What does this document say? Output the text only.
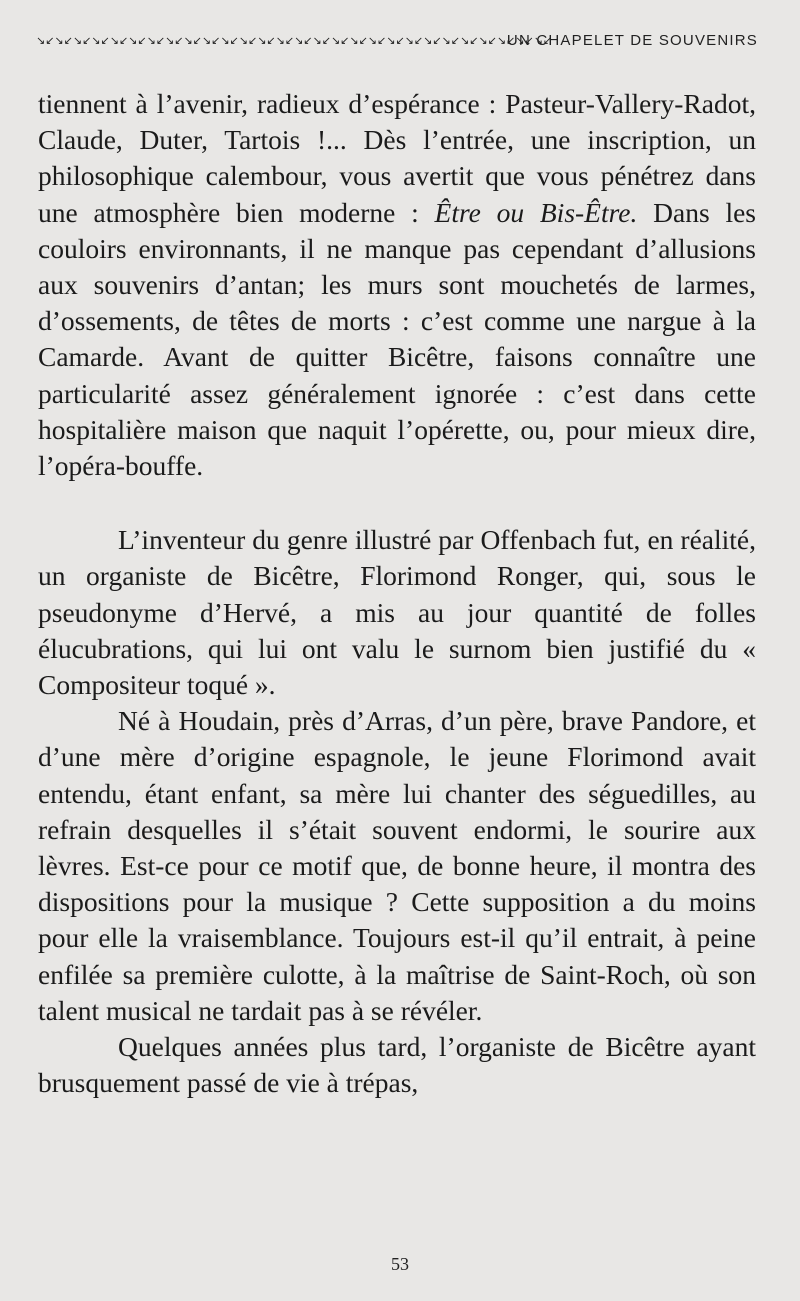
↘↙↘↙↘↙↘↙↘↙↘↙↘↙↘↙↘↙↘↙↘↙↘↙↘↙↘↙↘↙↘↙↘↙↘↙↘↙↘↙↘↙↘↙↘↙↘↙↘↙↘↙↘↙↘↙
UN CHAPELET DE SOUVENIRS

tiennent à l’avenir, radieux d’espérance : Pasteur-Vallery-Radot, Claude, Duter, Tartois !... Dès l’entrée, une inscription, un philosophique calembour, vous avertit que vous pénétrez dans une atmosphère bien moderne : Être ou Bis-Être. Dans les couloirs environnants, il ne manque pas cependant d’allusions aux souvenirs d’antan; les murs sont mouchetés de larmes, d’ossements, de têtes de morts : c’est comme une nargue à la Camarde. Avant de quitter Bicêtre, faisons connaître une particularité assez généralement ignorée : c’est dans cette hospitalière maison que naquit l’opérette, ou, pour mieux dire, l’opéra-bouffe.

L’inventeur du genre illustré par Offenbach fut, en réalité, un organiste de Bicêtre, Florimond Ronger, qui, sous le pseudonyme d’Hervé, a mis au jour quantité de folles élucubrations, qui lui ont valu le surnom bien justifié du « Compositeur toqué ».

Né à Houdain, près d’Arras, d’un père, brave Pandore, et d’une mère d’origine espagnole, le jeune Florimond avait entendu, étant enfant, sa mère lui chanter des séguedilles, au refrain desquelles il s’était souvent endormi, le sourire aux lèvres. Est-ce pour ce motif que, de bonne heure, il montra des dispositions pour la musique ? Cette supposition a du moins pour elle la vraisemblance. Toujours est-il qu’il entrait, à peine enfilée sa première culotte, à la maîtrise de Saint-Roch, où son talent musical ne tardait pas à se révéler.

Quelques années plus tard, l’organiste de Bicêtre ayant brusquement passé de vie à trépas,

53
